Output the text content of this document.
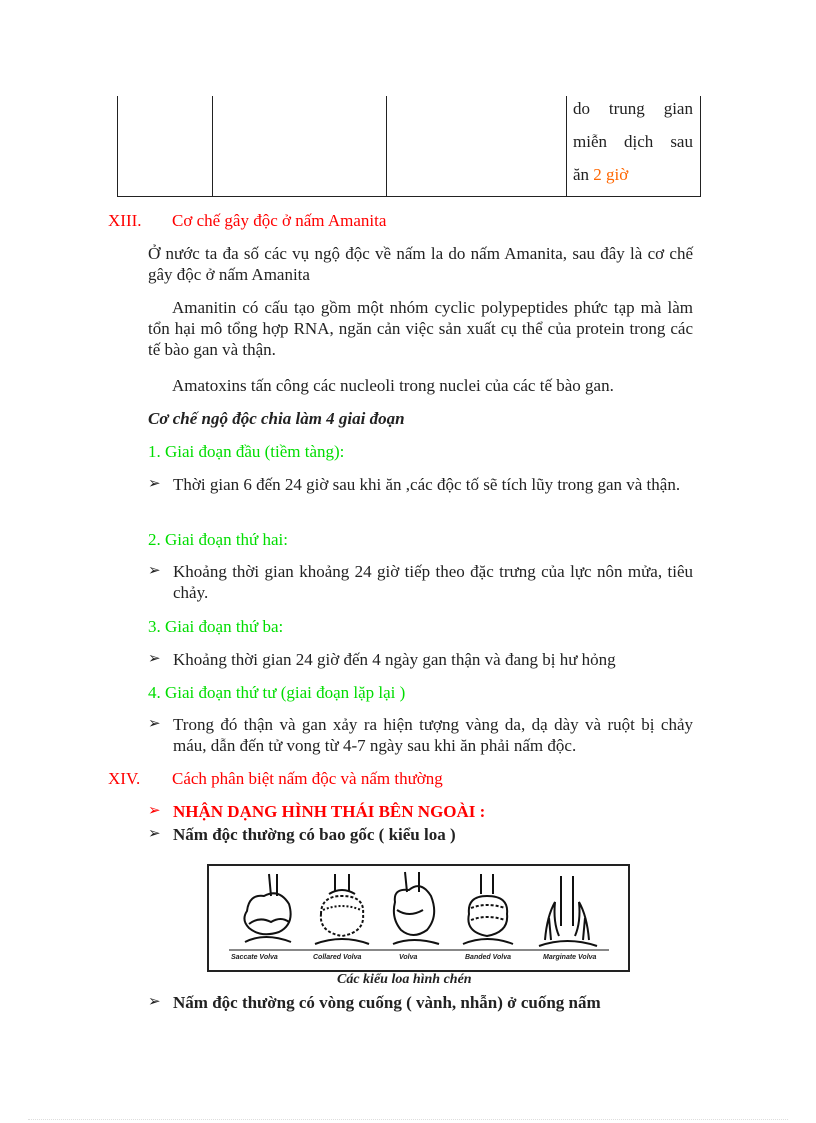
do trung gian
miễn dịch sau
ăn
2 giờ
XIII. Cơ chế gây độc ở nấm Amanita
Ở nước ta đa số các vụ ngộ độc về nấm la do nấm Amanita, sau đây là cơ chế gây độc ở nấm Amanita
Amanitin có cấu tạo gồm một nhóm cyclic polypeptides phức tạp mà làm tổn hại mô tổng hợp RNA, ngăn cản việc sản xuất cụ thể của protein trong các tế bào gan và thận.
Amatoxins tấn công các nucleoli trong nuclei của các tế bào gan.
Cơ chế ngộ độc chia làm 4 giai đoạn
1. Giai đoạn đầu (tiềm tàng):
➢ Thời gian 6 đến 24 giờ sau khi ăn ,các độc tố sẽ tích lũy trong gan và thận.
2. Giai đoạn thứ hai:
➢ Khoảng thời gian khoảng 24 giờ tiếp theo đặc trưng của lực nôn mửa, tiêu chảy.
3. Giai đoạn thứ ba:
➢ Khoảng thời gian 24 giờ đến 4 ngày gan thận và đang bị hư hỏng
4. Giai đoạn thứ tư (giai đoạn lặp lại )
➢ Trong đó thận và gan xảy ra hiện tượng vàng da, dạ dày và ruột bị chảy máu, dẫn đến tử vong từ 4-7 ngày sau khi ăn phải nấm độc.
XIV. Cách phân biệt nấm độc và nấm thường
➢ NHẬN DẠNG HÌNH THÁI BÊN NGOÀI :
➢ Nấm độc thường có bao gốc ( kiểu loa )
Saccate Volva	Collared Volva	Volva	Banded Volva	Marginate Volva
Các kiểu loa hình chén
➢ Nấm độc thường có vòng cuống ( vành, nhẫn) ở cuống nấm
